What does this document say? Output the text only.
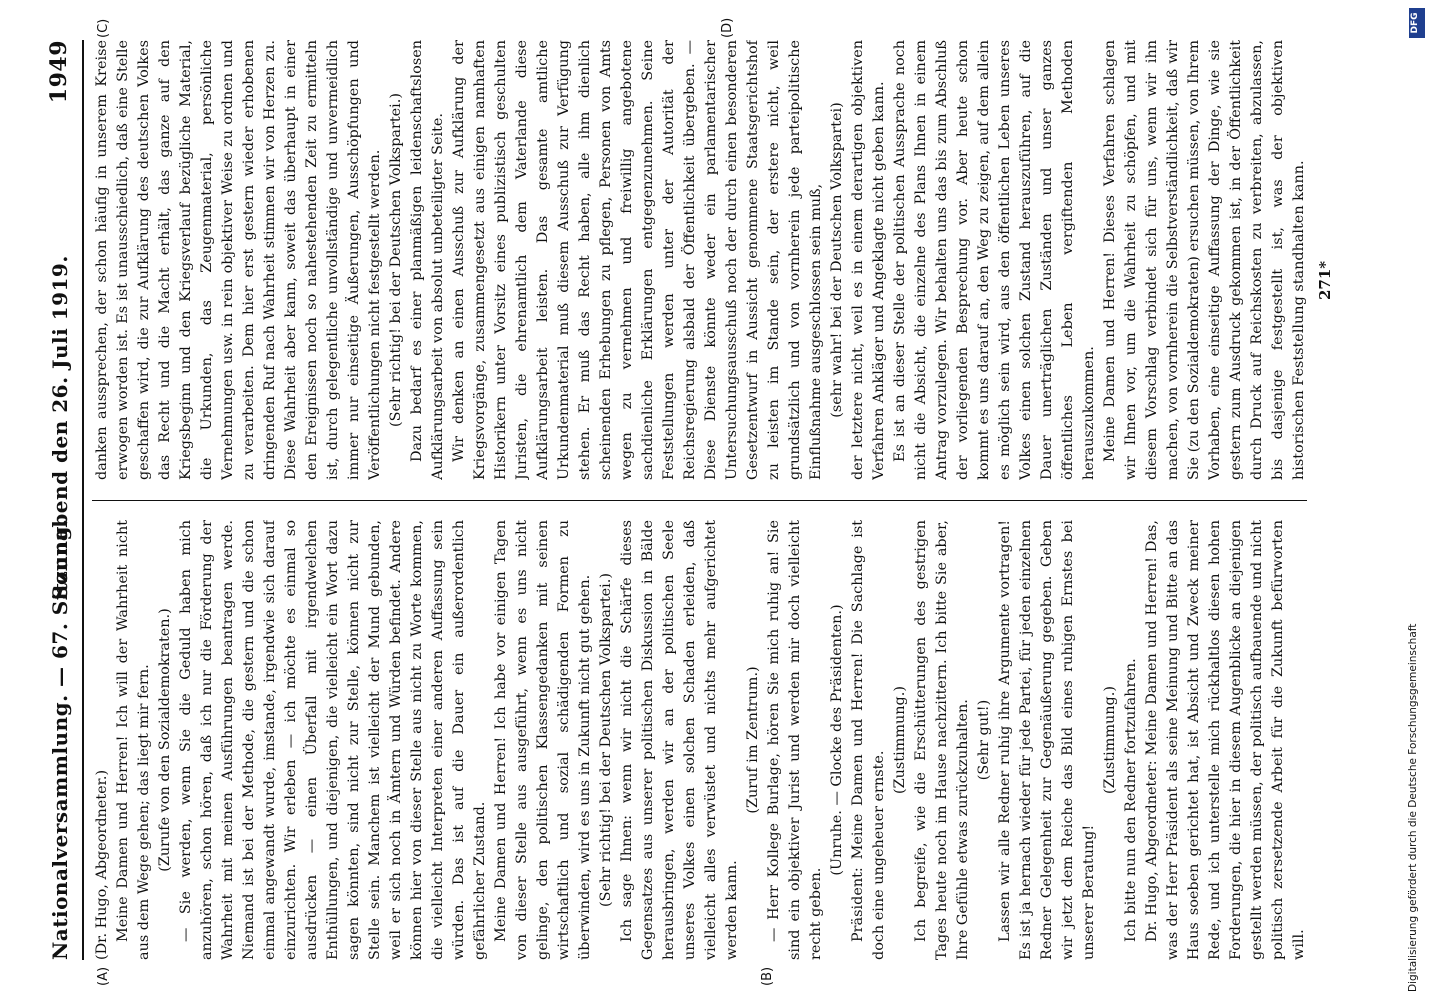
Nationalversammlung. — 67. Sitzung.
Sonnabend den 26. Juli 1919.
1949
(A)	(B)
(C)	(D)

(Dr. Hugo, Abgeordneter.) Meine Damen und Herren! Ich will der Wahrheit nicht aus dem Wege gehen; das liegt mir fern. (Zurufe von den Sozialdemokraten.) — Sie werden, wenn Sie die Geduld haben mich anzuhören, schon hören, daß ich nur die Förderung der Wahrheit mit meinen Ausführungen beantragen werde. Niemand ist bei der Methode, die gestern und die schon einmal angewandt wurde, imstande, irgendwie sich darauf einzurichten. Wir erleben — ich möchte es einmal so ausdrücken — einen Überfall mit irgendwelchen Enthüllungen, und diejenigen, die vielleicht ein Wort dazu sagen könnten, sind nicht zur Stelle, können nicht zur Stelle sein. Manchem ist vielleicht der Mund gebunden, weil er sich noch in Ämtern und Würden befindet. Andere können hier von dieser Stelle aus nicht zu Worte kommen, die vielleicht Interpreten einer anderen Auffassung sein würden. Das ist auf die Dauer ein außerordentlich gefährlicher Zustand. Meine Damen und Herren! Ich habe vor einigen Tagen von dieser Stelle aus ausgeführt, wenn es uns nicht gelinge, den politischen Klassengedanken mit seinen wirtschaftlich und sozial schädigenden Formen zu überwinden, wird es uns in Zukunft nicht gut gehen. (Sehr richtig! bei der Deutschen Volkspartei.) Ich sage Ihnen: wenn wir nicht die Schärfe dieses Gegensatzes aus unserer politischen Diskussion in Bälde herausbringen, werden wir an der politischen Seele unseres Volkes einen solchen Schaden erleiden, daß vielleicht alles verwüstet und nichts mehr aufgerichtet werden kann.

(Zuruf im Zentrum.) — Herr Kollege Burlage, hören Sie mich ruhig an! Sie sind ein objektiver Jurist und werden mir doch vielleicht recht geben.

(Unruhe. — Glocke des Präsidenten.) Präsident: Meine Damen und Herren! Die Sachlage ist doch eine ungeheuer ernste.

(Zustimmung.) Ich begreife, wie die Erschütterungen des gestrigen Tages heute noch im Hause nachzittern. Ich bitte Sie aber, Ihre Gefühle etwas zurückzuhalten. (Sehr gut!) Lassen wir alle Redner ruhig ihre Argumente vortragen! Es ist ja hernach wieder für jede Partei, für jeden einzelnen Redner Gelegenheit zur Gegenäußerung gegeben. Geben wir jetzt dem Reiche das Bild eines ruhigen Ernstes bei unserer Beratung!

(Zustimmung.) Ich bitte nun den Redner fortzufahren. Dr. Hugo, Abgeordneter: Meine Damen und Herren! Das, was der Herr Präsident als seine Meinung und Bitte an das Haus soeben gerichtet hat, ist Absicht und Zweck meiner Rede, und ich unterstelle mich rückhaltlos diesen hohen Forderungen, die hier in diesem Augenblicke an diejenigen gestellt werden müssen, der politisch aufbauende und nicht politisch zersetzende Arbeit für die Zukunft befürworten will.

danken aussprechen, der schon häufig in unserem Kreise erwogen worden ist. Es ist unausschiedlich, daß eine Stelle geschaffen wird, die zur Aufklärung des deutschen Volkes das Recht und die Macht erhält, das ganze auf den Kriegsbeginn und den Kriegsverlauf bezügliche Material, die Urkunden, das Zeugenmaterial, persönliche Vernehmungen usw. in rein objektiver Weise zu ordnen und zu verarbeiten. Dem hier erst gestern wieder erhobenen dringenden Ruf nach Wahrheit stimmen wir von Herzen zu. Diese Wahrheit aber kann, soweit das überhaupt in einer den Ereignissen noch so nahestehenden Zeit zu ermitteln ist, durch gelegentliche unvollständige und unvermeidlich immer nur einseitige Äußerungen, Ausschöpfungen und Veröffentlichungen nicht festgestellt werden. (Sehr richtig! bei der Deutschen Volkspartei.) Dazu bedarf es einer planmäßigen leidenschaftslosen Aufklärungsarbeit von absolut unbeteiligter Seite. Wir denken an einen Ausschuß zur Aufklärung der Kriegsvorgänge, zusammengesetzt aus einigen namhaften Historikern unter Vorsitz eines publizistisch geschulten Juristen, die ehrenamtlich dem Vaterlande diese Aufklärungsarbeit leisten. Das gesamte amtliche Urkundenmaterial muß diesem Ausschuß zur Verfügung stehen. Er muß das Recht haben, alle ihm dienlich scheinenden Erhebungen zu pflegen, Personen von Amts wegen zu vernehmen und freiwillig angebotene sachdienliche Erklärungen entgegenzunehmen. Seine Feststellungen werden unter der Autorität der Reichsregierung alsbald der Öffentlichkeit übergeben. — Diese Dienste könnte weder ein parlamentarischer Untersuchungsausschuß noch der durch einen besonderen Gesetzentwurf in Aussicht genommene Staatsgerichtshof zu leisten im Stande sein, der erstere nicht, weil grundsätzlich und von vornherein jede parteipolitische Einflußnahme ausgeschlossen sein muß, (sehr wahr! bei der Deutschen Volkspartei) der letztere nicht, weil es in einem derartigen objektiven Verfahren Ankläger und Angeklagte nicht geben kann. Es ist an dieser Stelle der politischen Aussprache noch nicht die Absicht, die einzelne des Plans Ihnen in einem Antrag vorzulegen. Wir behalten uns das bis zum Abschluß der vorliegenden Besprechung vor. Aber heute schon kommt es uns darauf an, den Weg zu zeigen, auf dem allein es möglich sein wird, aus den öffentlichen Leben unseres Volkes einen solchen Zustand herauszuführen, auf die Dauer unerträglichen Zuständen und unser ganzes öffentliches Leben vergiftenden Methoden herauszukommen. Meine Damen und Herren! Dieses Verfahren schlagen wir Ihnen vor, um die Wahrheit zu schöpfen, und mit diesem Vorschlag verbindet sich für uns, wenn wir ihn machen, von vornherein die Selbstverständlichkeit, daß wir Sie (zu den Sozialdemokraten) ersuchen müssen, von Ihrem Vorhaben, eine einseitige Auffassung der Dinge, wie sie gestern zum Ausdruck gekommen ist, in der Öffentlichkeit durch Druck auf Reichskosten zu verbreiten, abzulassen, bis dasjenige festgestellt ist, was der objektiven historischen Feststellung standhalten kann. 271*
DFG
Digitalisierung gefördert durch die Deutsche Forschungsgemeinschaft
